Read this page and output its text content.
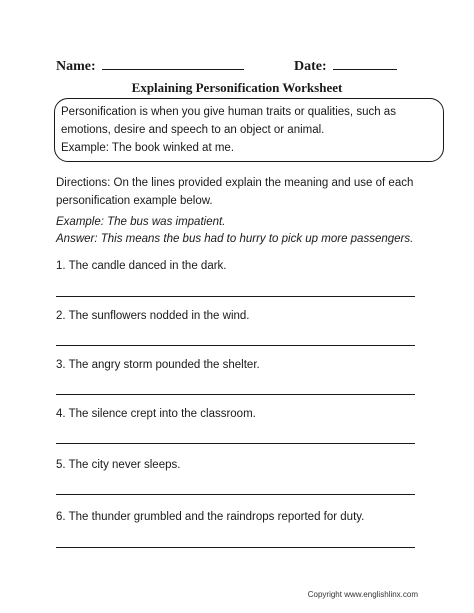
Name:	Date:
Explaining Personification Worksheet
Personification is when you give human traits or qualities, such as
emotions, desire and speech to an object or animal.
Example: The book winked at me.
Directions: On the lines provided explain the meaning and use of each
personification example below.
Example: The bus was impatient.
Answer: This means the bus had to hurry to pick up more passengers.
1. The candle danced in the dark.
2. The sunflowers nodded in the wind.
3. The angry storm pounded the shelter.
4. The silence crept into the classroom.
5. The city never sleeps.
6. The thunder grumbled and the raindrops reported for duty.
Copyright www.englishlinx.com
